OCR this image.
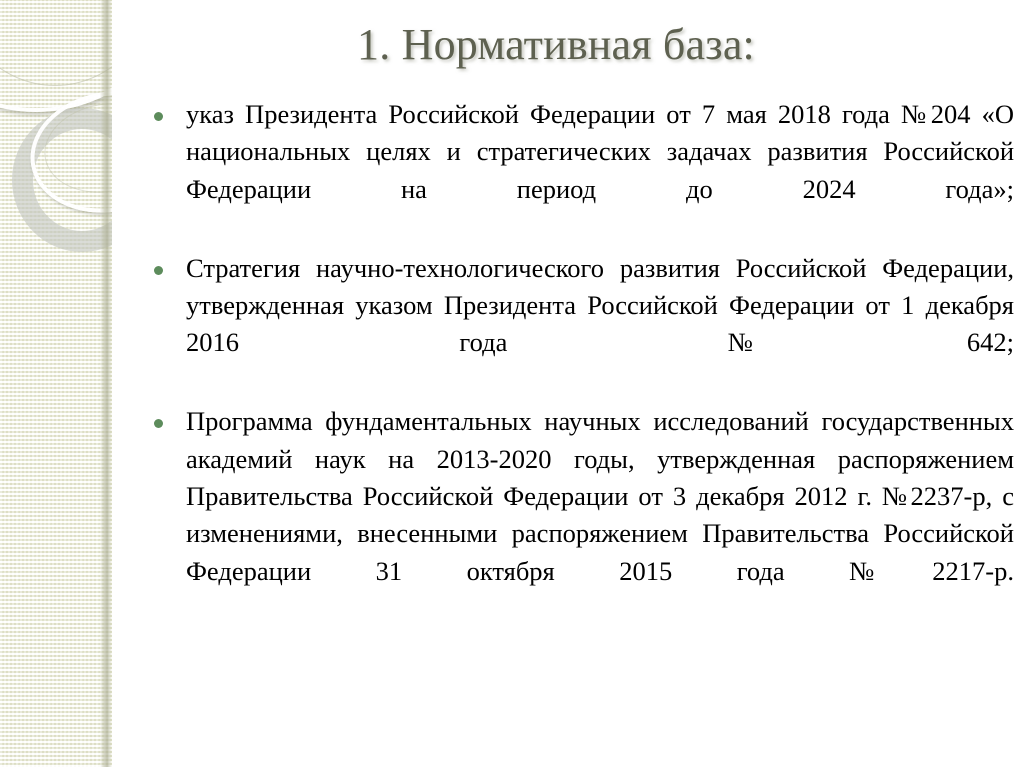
1. Нормативная база:
указ Президента Российской Федерации от 7 мая 2018 года №204 «О национальных целях и стратегических задачах развития Российской Федерации на период до 2024 года»;
Стратегия научно-технологического развития Российской Федерации, утвержденная указом Президента Российской Федерации от 1 декабря 2016 года №642;
Программа фундаментальных научных исследований государственных академий наук на 2013-2020 годы, утвержденная распоряжением Правительства Российской Федерации от 3 декабря 2012 г. №2237-р, с изменениями, внесенными распоряжением Правительства Российской Федерации 31 октября 2015 года №2217-р.
